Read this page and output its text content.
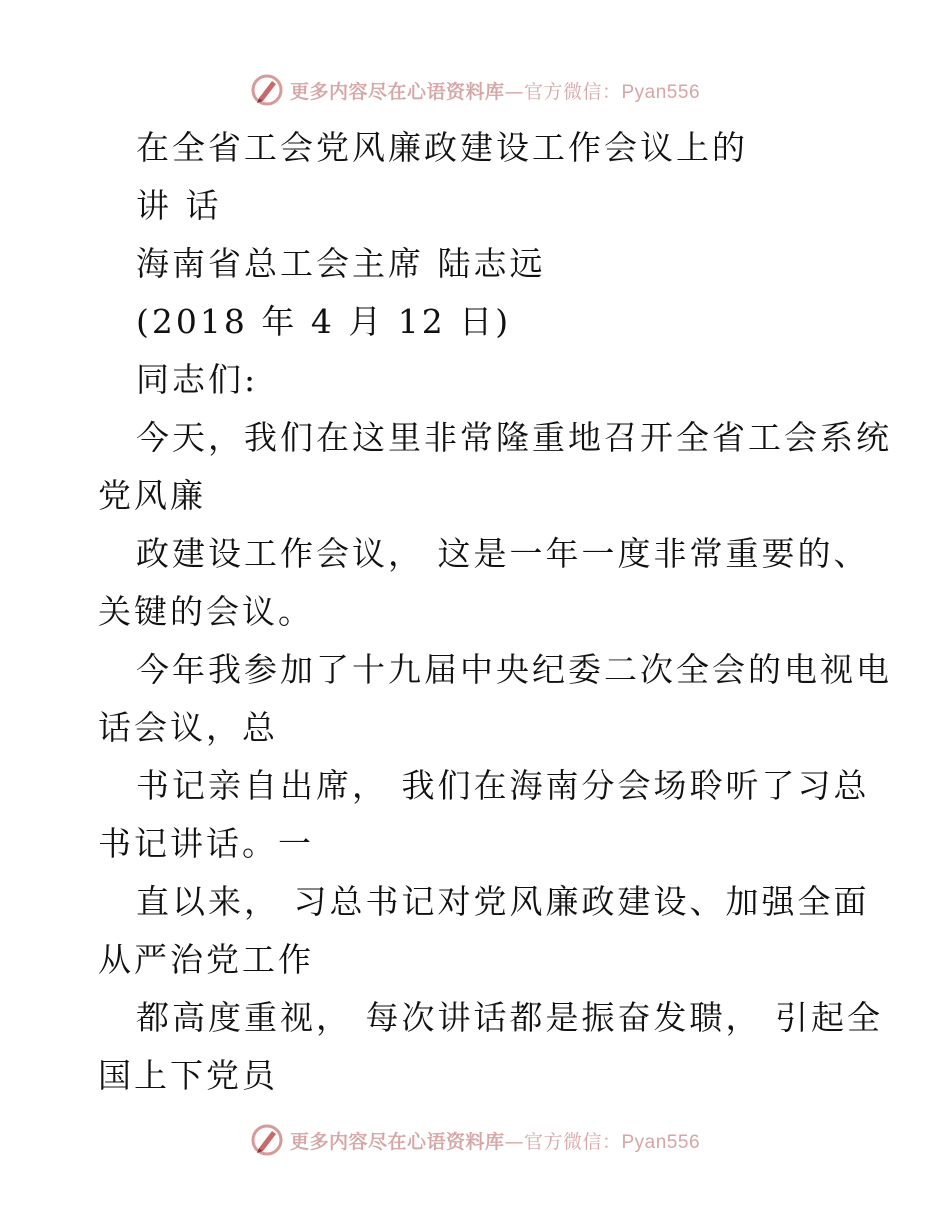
更多内容尽在心语资料库—官方微信：Pyan556
在全省工会党风廉政建设工作会议上的
讲 话
海南省总工会主席 陆志远
(2018 年 4 月 12 日)
同志们:
今天，我们在这里非常隆重地召开全省工会系统
党风廉
政建设工作会议， 这是一年一度非常重要的、
关键的会议。
今年我参加了十九届中央纪委二次全会的电视电
话会议，总
书记亲自出席， 我们在海南分会场聆听了习总
书记讲话。一
直以来， 习总书记对党风廉政建设、加强全面
从严治党工作
都高度重视， 每次讲话都是振奋发聩， 引起全
国上下党员
更多内容尽在心语资料库—官方微信：Pyan556
